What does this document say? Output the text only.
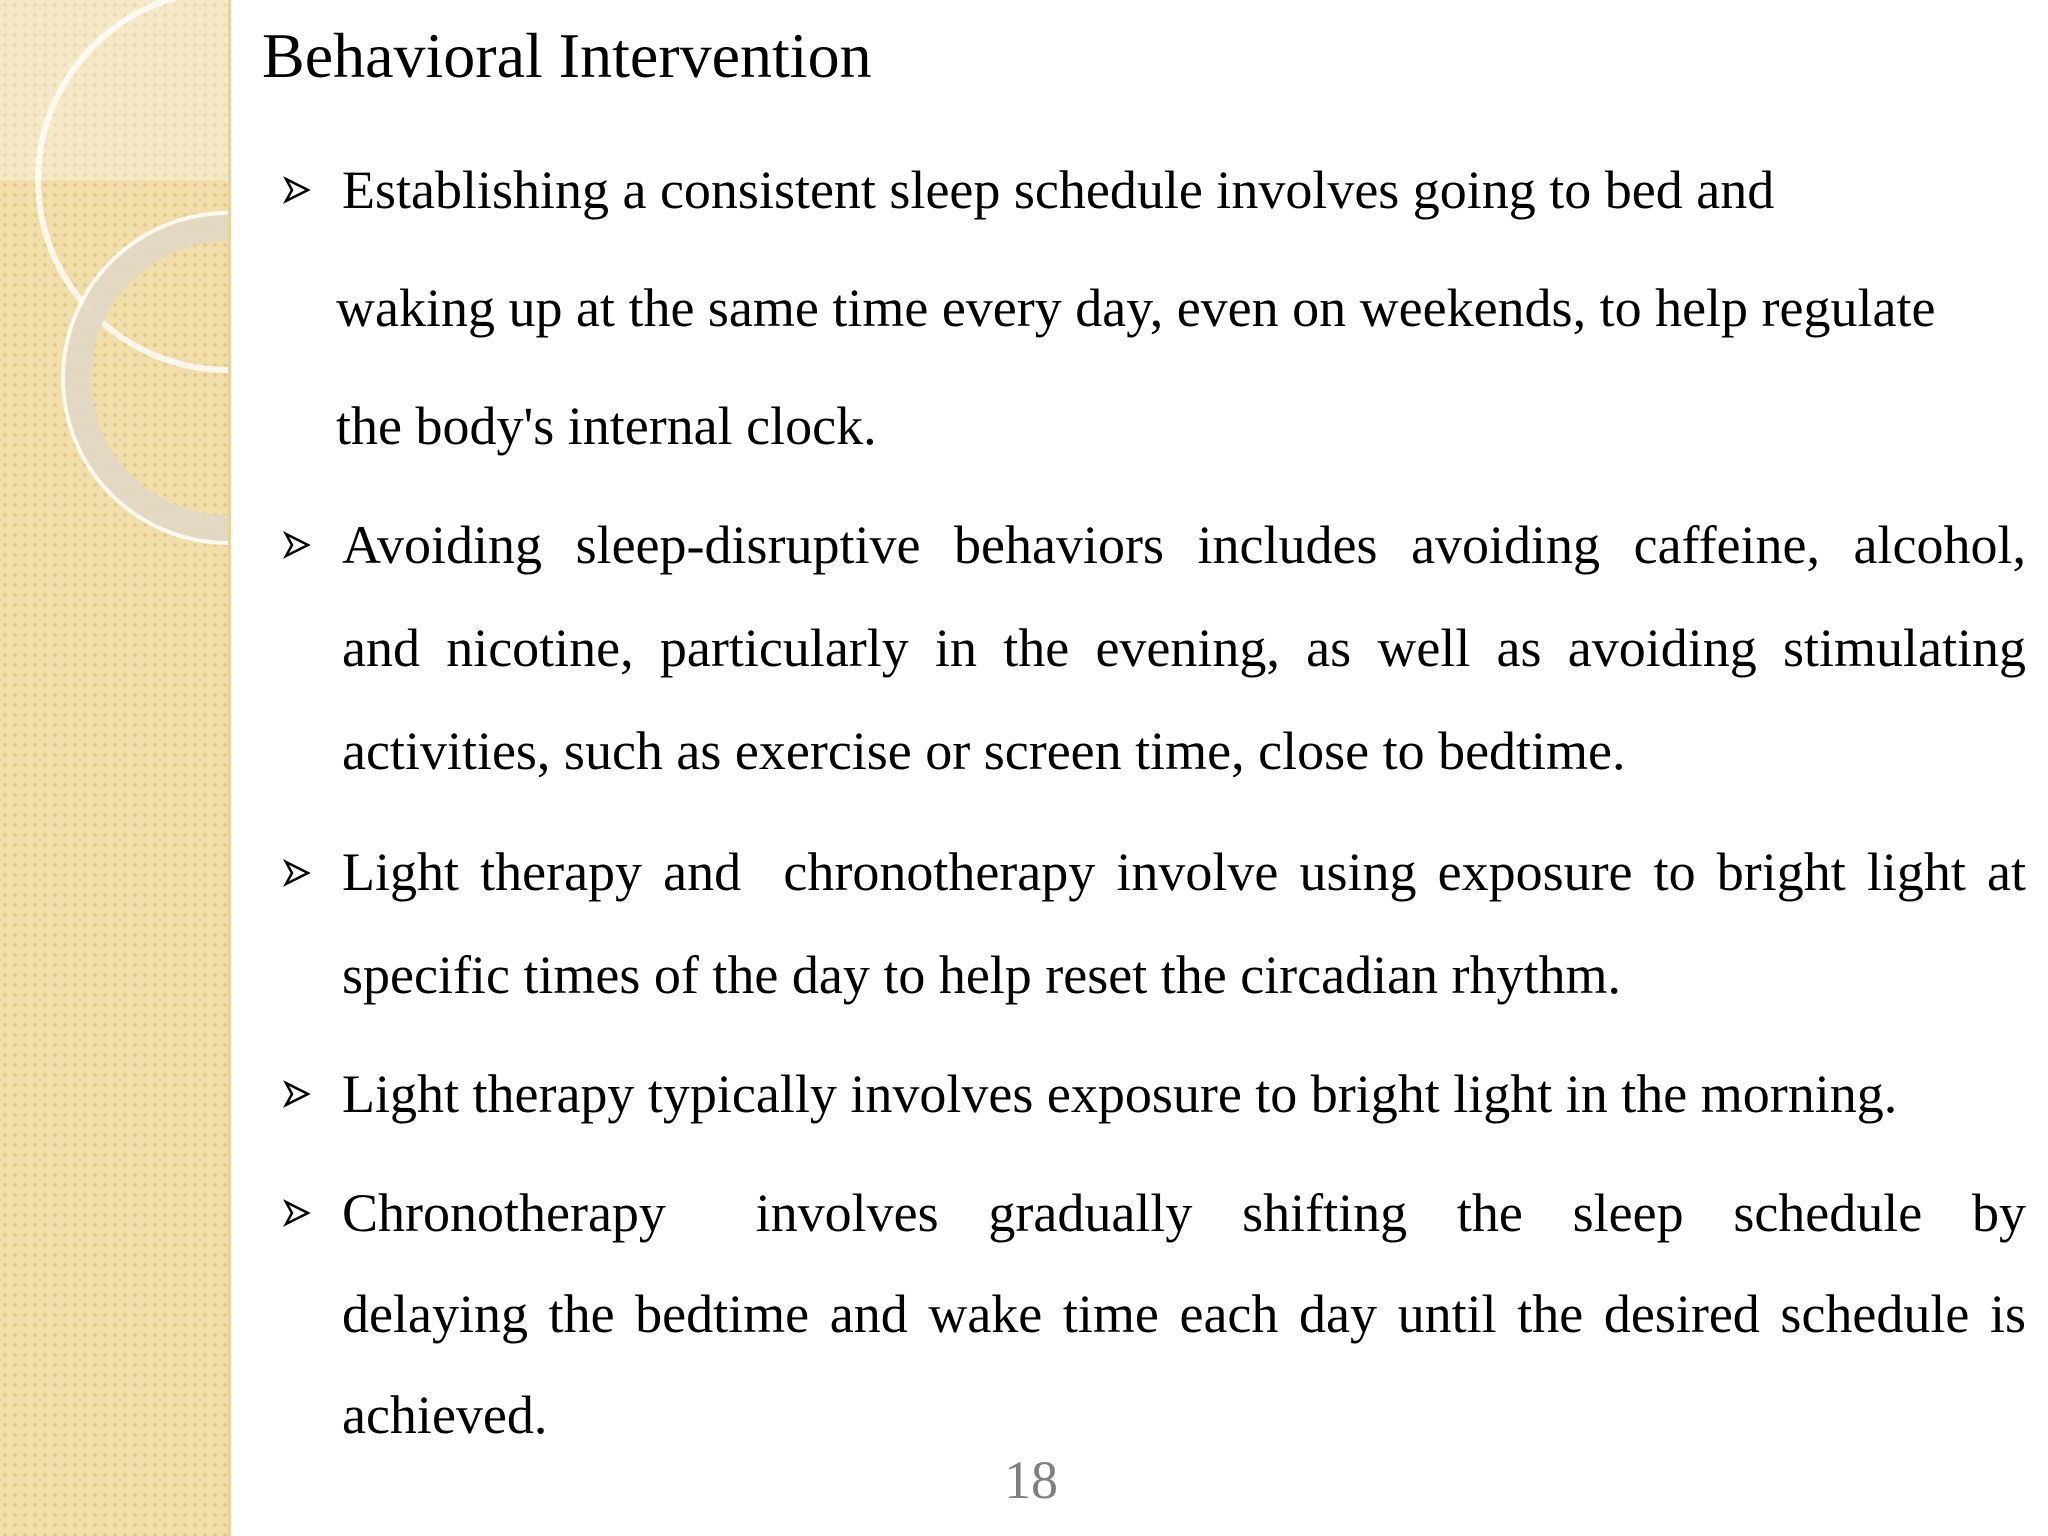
Behavioral Intervention
Establishing a consistent sleep schedule involves going to bed and
waking up at the same time every day, even on weekends, to help regulate
the body's internal clock.
Avoiding sleep-disruptive behaviors includes avoiding caffeine, alcohol,
and nicotine, particularly in the evening, as well as avoiding stimulating
activities, such as exercise or screen time, close to bedtime.
Light therapy and  chronotherapy involve using exposure to bright light at
specific times of the day to help reset the circadian rhythm.
Light therapy typically involves exposure to bright light in the morning.
Chronotherapy involves gradually shifting the sleep schedule by
delaying the bedtime and wake time each day until the desired schedule is
achieved.
18
